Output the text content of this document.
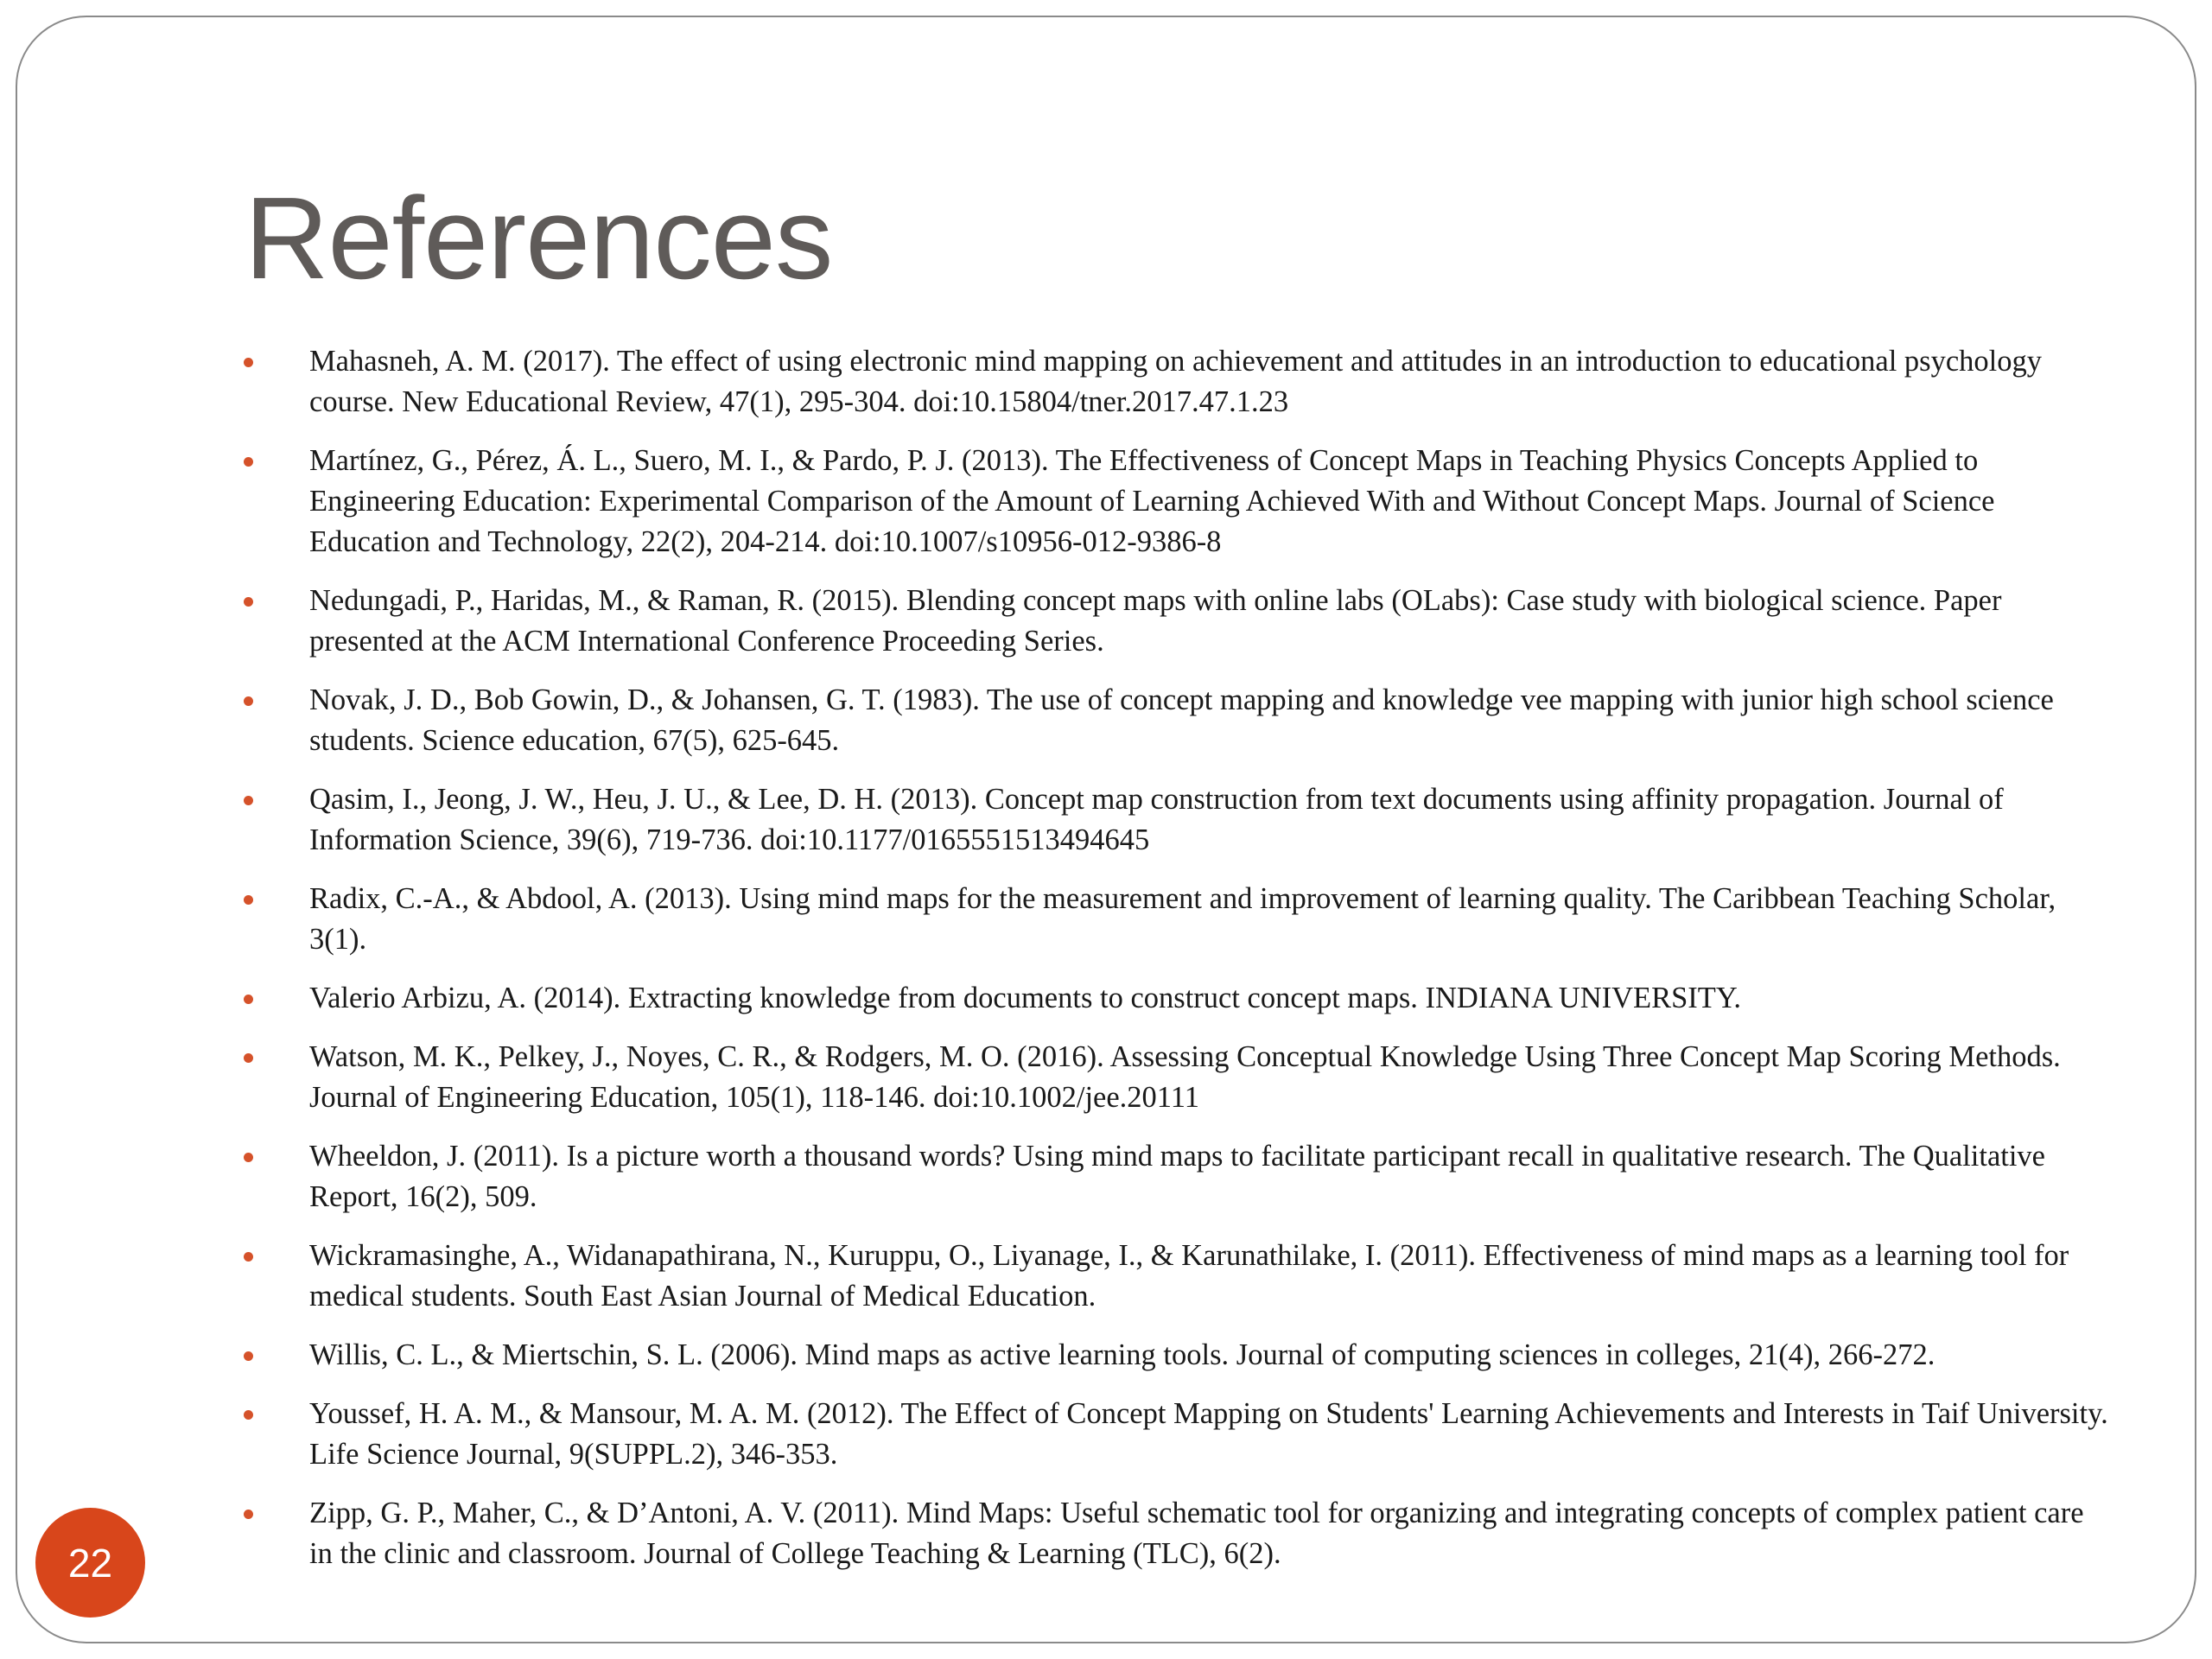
References
Mahasneh, A. M. (2017). The effect of using electronic mind mapping on achievement and attitudes in an introduction to educational psychology course. New Educational Review, 47(1), 295-304. doi:10.15804/tner.2017.47.1.23
Martínez, G., Pérez, Á. L., Suero, M. I., & Pardo, P. J. (2013). The Effectiveness of Concept Maps in Teaching Physics Concepts Applied to Engineering Education: Experimental Comparison of the Amount of Learning Achieved With and Without Concept Maps. Journal of Science Education and Technology, 22(2), 204-214. doi:10.1007/s10956-012-9386-8
Nedungadi, P., Haridas, M., & Raman, R. (2015). Blending concept maps with online labs (OLabs): Case study with biological science. Paper presented at the ACM International Conference Proceeding Series.
Novak, J. D., Bob Gowin, D., & Johansen, G. T. (1983). The use of concept mapping and knowledge vee mapping with junior high school science students. Science education, 67(5), 625-645.
Qasim, I., Jeong, J. W., Heu, J. U., & Lee, D. H. (2013). Concept map construction from text documents using affinity propagation. Journal of Information Science, 39(6), 719-736. doi:10.1177/0165551513494645
Radix, C.-A., & Abdool, A. (2013). Using mind maps for the measurement and improvement of learning quality. The Caribbean Teaching Scholar, 3(1).
Valerio Arbizu, A. (2014). Extracting knowledge from documents to construct concept maps. INDIANA UNIVERSITY.
Watson, M. K., Pelkey, J., Noyes, C. R., & Rodgers, M. O. (2016). Assessing Conceptual Knowledge Using Three Concept Map Scoring Methods. Journal of Engineering Education, 105(1), 118-146. doi:10.1002/jee.20111
Wheeldon, J. (2011). Is a picture worth a thousand words? Using mind maps to facilitate participant recall in qualitative research. The Qualitative Report, 16(2), 509.
Wickramasinghe, A., Widanapathirana, N., Kuruppu, O., Liyanage, I., & Karunathilake, I. (2011). Effectiveness of mind maps as a learning tool for medical students. South East Asian Journal of Medical Education.
Willis, C. L., & Miertschin, S. L. (2006). Mind maps as active learning tools. Journal of computing sciences in colleges, 21(4), 266-272.
Youssef, H. A. M., & Mansour, M. A. M. (2012). The Effect of Concept Mapping on Students' Learning Achievements and Interests in Taif University. Life Science Journal, 9(SUPPL.2), 346-353.
Zipp, G. P., Maher, C., & D’Antoni, A. V. (2011). Mind Maps: Useful schematic tool for organizing and integrating concepts of complex patient care in the clinic and classroom. Journal of College Teaching & Learning (TLC), 6(2).
22
